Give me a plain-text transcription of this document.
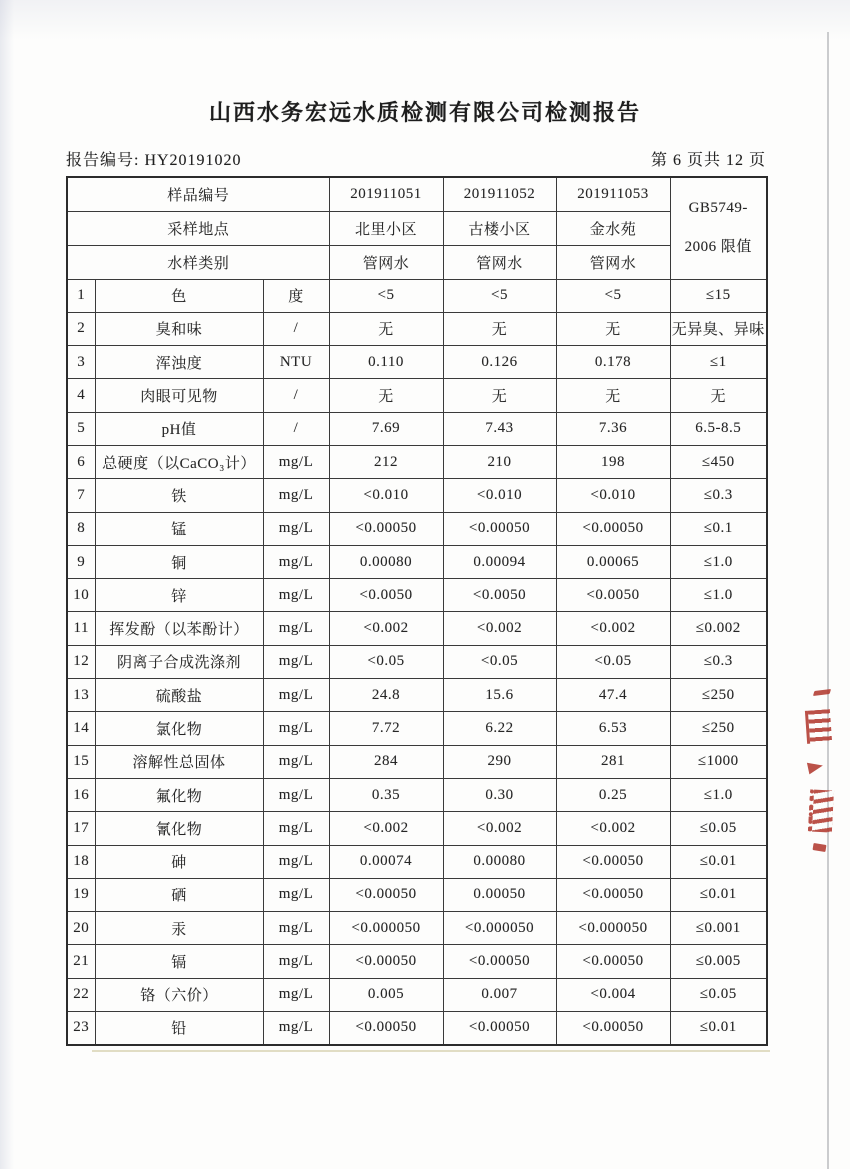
山西水务宏远水质检测有限公司检测报告
报告编号: HY20191020	第 6 页共 12 页
样品编号			201911051	201911052	201911053	GB5749-
2006 限值

采样地点			北里小区	古楼小区	金水苑	
水样类别			管网水	管网水	管网水	
1	色	度	<5	<5	<5	≤15
2	臭和味	/	无	无	无	无异臭、异味
3	浑浊度	NTU	0.110	0.126	0.178	≤1
4	肉眼可见物	/	无	无	无	无
5	pH值	/	7.69	7.43	7.36	6.5-8.5
6	总硬度（以CaCO₃计）	mg/L	212	210	198	≤450
7	铁	mg/L	<0.010	<0.010	<0.010	≤0.3
8	锰	mg/L	<0.00050	<0.00050	<0.00050	≤0.1
9	铜	mg/L	0.00080	0.00094	0.00065	≤1.0
10	锌	mg/L	<0.0050	<0.0050	<0.0050	≤1.0
11	挥发酚（以苯酚计）	mg/L	<0.002	<0.002	<0.002	≤0.002
12	阴离子合成洗涤剂	mg/L	<0.05	<0.05	<0.05	≤0.3
13	硫酸盐	mg/L	24.8	15.6	47.4	≤250
14	氯化物	mg/L	7.72	6.22	6.53	≤250
15	溶解性总固体	mg/L	284	290	281	≤1000
16	氟化物	mg/L	0.35	0.30	0.25	≤1.0
17	氰化物	mg/L	<0.002	<0.002	<0.002	≤0.05
18	砷	mg/L	0.00074	0.00080	<0.00050	≤0.01
19	硒	mg/L	<0.00050	0.00050	<0.00050	≤0.01
20	汞	mg/L	<0.000050	<0.000050	<0.000050	≤0.001
21	镉	mg/L	<0.00050	<0.00050	<0.00050	≤0.005
22	铬（六价）	mg/L	0.005	0.007	<0.004	≤0.05
23	铅	mg/L	<0.00050	<0.00050	<0.00050	≤0.01
